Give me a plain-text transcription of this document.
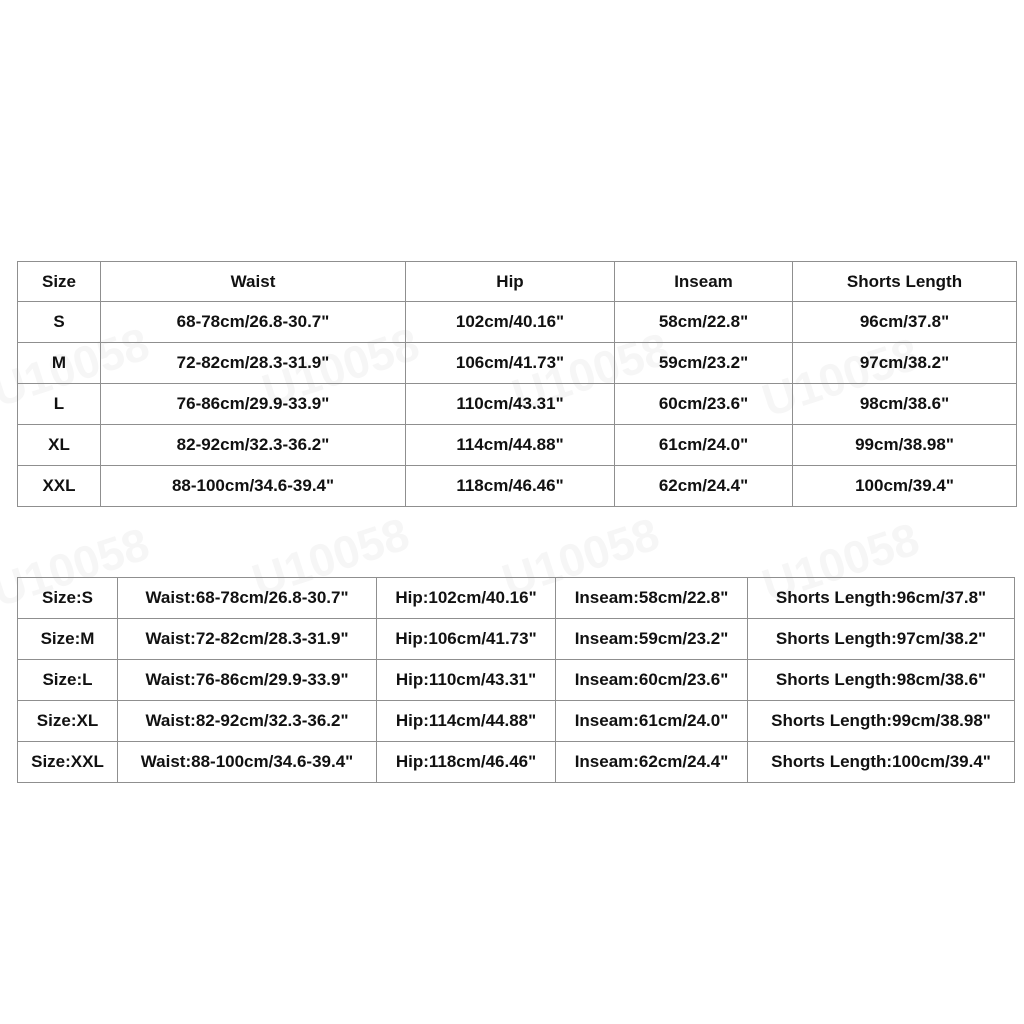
Size	Waist	Hip	Inseam	Shorts Length
S	68-78cm/26.8-30.7"	102cm/40.16"	58cm/22.8"	96cm/37.8"
M	72-82cm/28.3-31.9"	106cm/41.73"	59cm/23.2"	97cm/38.2"
L	76-86cm/29.9-33.9"	110cm/43.31"	60cm/23.6"	98cm/38.6"
XL	82-92cm/32.3-36.2"	114cm/44.88"	61cm/24.0"	99cm/38.98"
XXL	88-100cm/34.6-39.4"	118cm/46.46"	62cm/24.4"	100cm/39.4"
Size:S	Waist:68-78cm/26.8-30.7"	Hip:102cm/40.16"	Inseam:58cm/22.8"	Shorts Length:96cm/37.8"
Size:M	Waist:72-82cm/28.3-31.9"	Hip:106cm/41.73"	Inseam:59cm/23.2"	Shorts Length:97cm/38.2"
Size:L	Waist:76-86cm/29.9-33.9"	Hip:110cm/43.31"	Inseam:60cm/23.6"	Shorts Length:98cm/38.6"
Size:XL	Waist:82-92cm/32.3-36.2"	Hip:114cm/44.88"	Inseam:61cm/24.0"	Shorts Length:99cm/38.98"
Size:XXL	Waist:88-100cm/34.6-39.4"	Hip:118cm/46.46"	Inseam:62cm/24.4"	Shorts Length:100cm/39.4"
